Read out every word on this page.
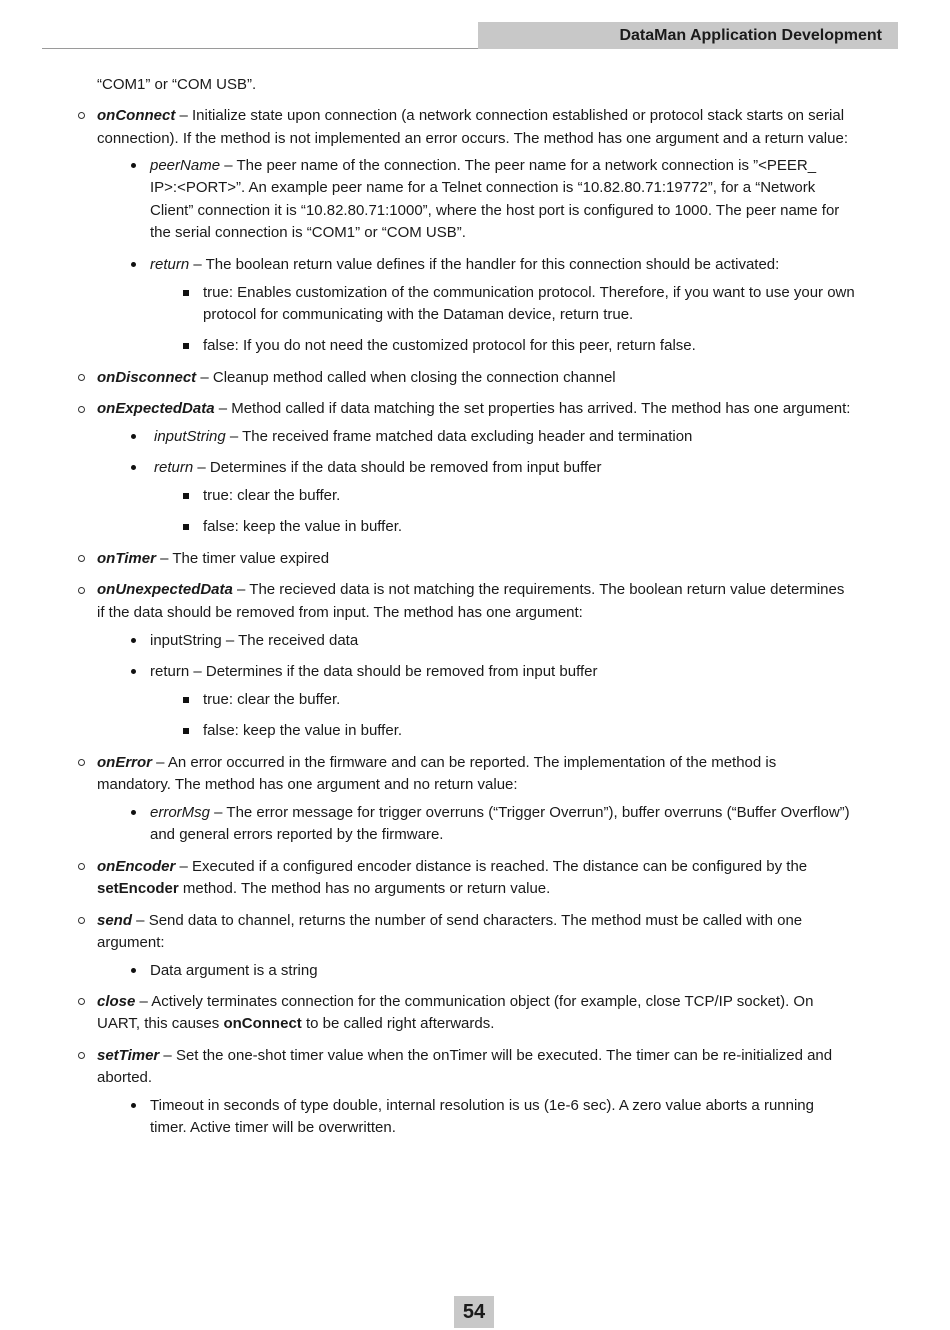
DataMan Application Development
“COM1” or “COM USB”.
onConnect – Initialize state upon connection (a network connection established or protocol stack starts on serial
connection). If the method is not implemented an error occurs. The method has one argument and a return value:
peerName – The peer name of the connection. The peer name for a network connection is ”<PEER_
IP>:<PORT>”. An example peer name for a Telnet connection is “10.82.80.71:19772”, for a “Network
Client” connection it is “10.82.80.71:1000”, where the host port is configured to 1000. The peer name for
the serial connection is “COM1” or “COM USB”.
return – The boolean return value defines if the handler for this connection should be activated:
true: Enables customization of the communication protocol. Therefore, if you want to use your own
protocol for communicating with the Dataman device, return true.
false: If you do not need the customized protocol for this peer, return false.
onDisconnect – Cleanup method called when closing the connection channel
onExpectedData – Method called if data matching the set properties has arrived. The method has one argument:
inputString – The received frame matched data excluding header and termination
return – Determines if the data should be removed from input buffer
true: clear the buffer.
false: keep the value in buffer.
onTimer – The timer value expired
onUnexpectedData – The recieved data is not matching the requirements. The boolean return value determines
if the data should be removed from input. The method has one argument:
inputString – The received data
return – Determines if the data should be removed from input buffer
true: clear the buffer.
false: keep the value in buffer.
onError – An error occurred in the firmware and can be reported. The implementation of the method is
mandatory. The method has one argument and no return value:
errorMsg – The error message for trigger overruns (“Trigger Overrun”), buffer overruns (“Buffer Overflow”)
and general errors reported by the firmware.
onEncoder – Executed if a configured encoder distance is reached. The distance can be configured by the
setEncoder method. The method has no arguments or return value.
send – Send data to channel, returns the number of send characters. The method must be called with one
argument:
Data argument is a string
close – Actively terminates connection for the communication object (for example, close TCP/IP socket). On
UART, this causes onConnect to be called right afterwards.
setTimer – Set the one-shot timer value when the onTimer will be executed. The timer can be re-initialized and
aborted.
Timeout in seconds of type double, internal resolution is us (1e-6 sec). A zero value aborts a running
timer. Active timer will be overwritten.
54
